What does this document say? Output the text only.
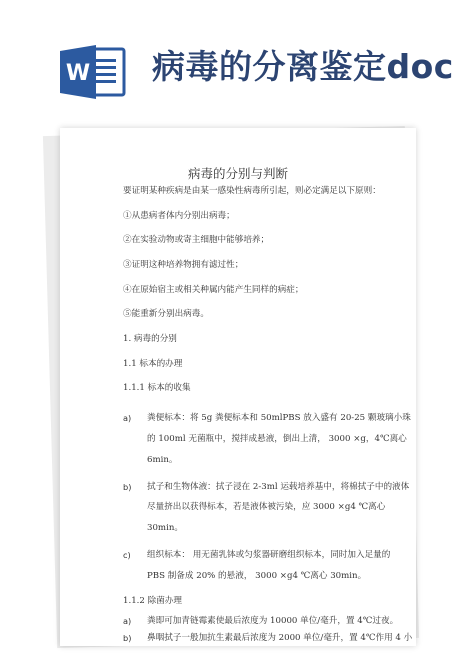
W 病毒的分离鉴定doc
病毒的分别与判断
要证明某种疾病是由某一感染性病毒所引起，则必定满足以下原则：
①从患病者体内分别出病毒；
②在实验动物或寄主细胞中能够培养；
③证明这种培养物拥有滤过性；
④在原始宿主或相关种属内能产生同样的病症；
⑤能重新分别出病毒。
1. 病毒的分别
1.1 标本的办理
1.1.1 标本的收集
a) 粪便标本：将 5g 粪便标本和 50mlPBS 放入盛有 20-25 颗玻璃小珠
的 100ml 无菌瓶中，搅拌成悬液，倒出上清， 3000 ×g，4℃离心
6min。
b) 拭子和生物体液：拭子浸在 2-3ml 运载培养基中，将棉拭子中的液体
尽量挤出以获得标本，若是液体被污染，应 3000 ×g4 ℃离心
30min。
c) 组织标本： 用无菌乳钵或匀浆器研磨组织标本，同时加入足量的
PBS 制备成 20% 的悬液， 3000 ×g4 ℃离心 30min。
1.1.2 除菌办理
a) 粪即可加青链霉素使最后浓度为 10000 单位/毫升，置 4℃过夜。
b) 鼻咽拭子一般加抗生素最后浓度为 2000 单位/毫升，置 4℃作用 4 小
